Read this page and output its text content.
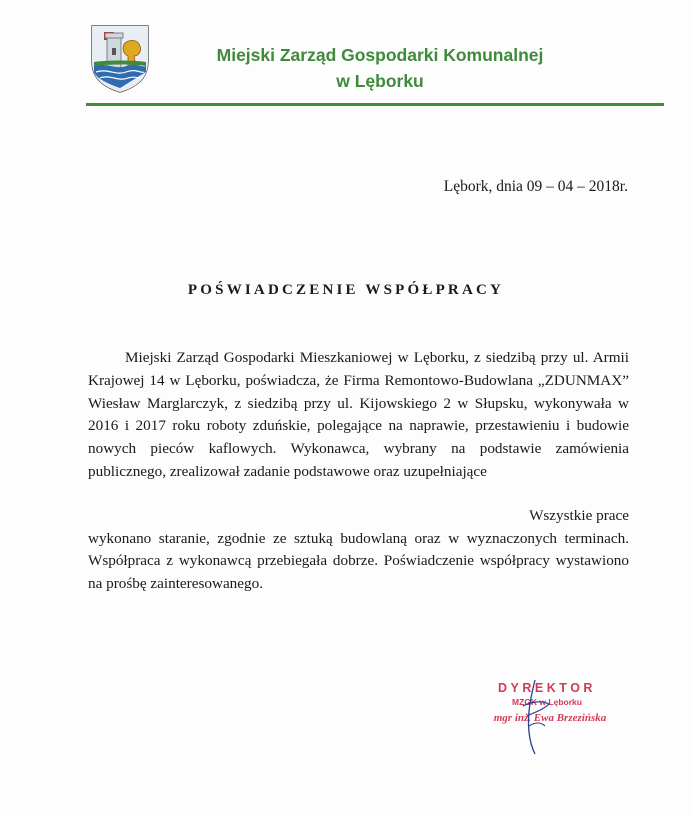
Miejski Zarząd Gospodarki Komunalnej
w Lęborku
Lębork, dnia 09 – 04 – 2018r.
POŚWIADCZENIE WSPÓŁPRACY

Miejski Zarząd Gospodarki Mieszkaniowej w Lęborku, z siedzibą przy ul. Armii Krajowej 14 w Lęborku, poświadcza, że Firma Remontowo-Budowlana „ZDUNMAX” Wiesław Marglarczyk, z siedzibą przy ul. Kijowskiego 2 w Słupsku, wykonywała w 2016 i 2017 roku roboty zduńskie, polegające na naprawie, przestawieniu i budowie nowych pieców kaflowych. Wykonawca, wybrany na podstawie zamówienia publicznego, zrealizował zadanie podstawowe oraz uzupełniające

Wszystkie prace

wykonano staranie, zgodnie ze sztuką budowlaną oraz w wyznaczonych terminach. Współpraca z wykonawcą przebiegała dobrze. Poświadczenie współpracy wystawiono na prośbę zainteresowanego.

DYREKTOR
MZGK w Lęborku
mgr inż. Ewa Brzezińska
